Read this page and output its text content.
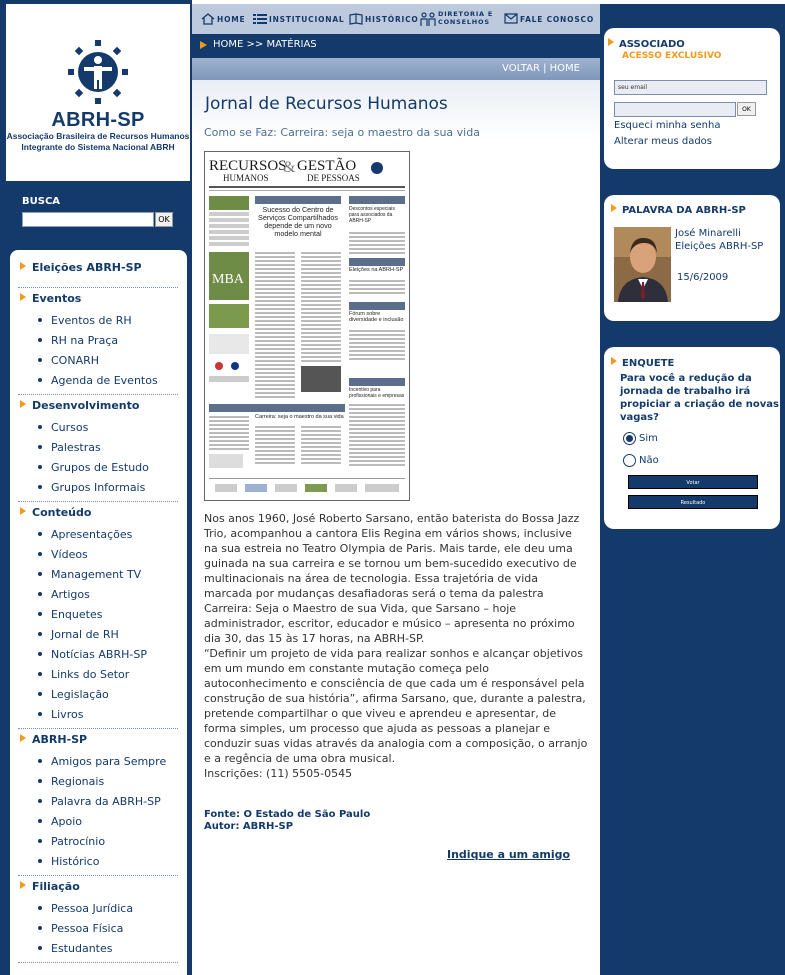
ABRH-SP
Associação Brasileira de Recursos Humanos
Integrante do Sistema Nacional ABRH
BUSCA
OK
Eleições ABRH-SP
Eventos
Eventos de RH
RH na Praça
CONARH
Agenda de Eventos
Desenvolvimento
Cursos
Palestras
Grupos de Estudo
Grupos Informais
Conteúdo
Apresentações
Vídeos
Management TV
Artigos
Enquetes
Jornal de RH
Notícias ABRH-SP
Links do Setor
Legislação
Livros
ABRH-SP
Amigos para Sempre
Regionais
Palavra da ABRH-SP
Apoio
Patrocínio
Histórico
Filiação
Pessoa Jurídica
Pessoa Física
Estudantes
HOME	INSTITUCIONAL	HISTÓRICO
DIRETORIA E
CONSELHOS	FALE CONOSCO
HOME >> MATÉRIAS
VOLTAR | HOME
Jornal de Recursos Humanos
Como se Faz: Carreira: seja o maestro da sua vida
RECURSOS
HUMANOS
& GESTÃO
DE PESSOAS
MBA
Sucesso do Centro de Serviços Compartilhados depende de um novo modelo mental
Descontos especiais para associados da ABRH-SP
Eleições na ABRH-SP
Fórum sobre diversidade e inclusão
Incentivo para profissionais e empresas
Carreira: seja o maestro da sua vida

Nos anos 1960, José Roberto Sarsano, então baterista do Bossa Jazz Trio, acompanhou a cantora Elis Regina em vários shows, inclusive na sua estreia no Teatro Olympia de Paris. Mais tarde, ele deu uma guinada na sua carreira e se tornou um bem-sucedido executivo de multinacionais na área de tecnologia. Essa trajetória de vida marcada por mudanças desafiadoras será o tema da palestra Carreira: Seja o Maestro de sua Vida, que Sarsano – hoje administrador, escritor, educador e músico – apresenta no próximo dia 30, das 15 às 17 horas, na ABRH-SP.

“Definir um projeto de vida para realizar sonhos e alcançar objetivos em um mundo em constante mutação começa pelo autoconhecimento e consciência de que cada um é responsável pela construção de sua história”, afirma Sarsano, que, durante a palestra, pretende compartilhar o que viveu e aprendeu e apresentar, de forma simples, um processo que ajuda as pessoas a planejar e conduzir suas vidas através da analogia com a composição, o arranjo e a regência de uma obra musical.

Inscrições: (11) 5505-0545

Fonte: O Estado de São Paulo
Autor: ABRH-SP
Indique a um amigo
ASSOCIADO
ACESSO EXCLUSIVO
seu email
OK
Esqueci minha senha
Alterar meus dados
PALAVRA DA ABRH-SP
José Minarelli
Eleições ABRH-SP
15/6/2009
ENQUETE
Para você a redução da jornada de trabalho irá propiciar a criação de novas vagas?
Sim
Não
Votar
Resultado
